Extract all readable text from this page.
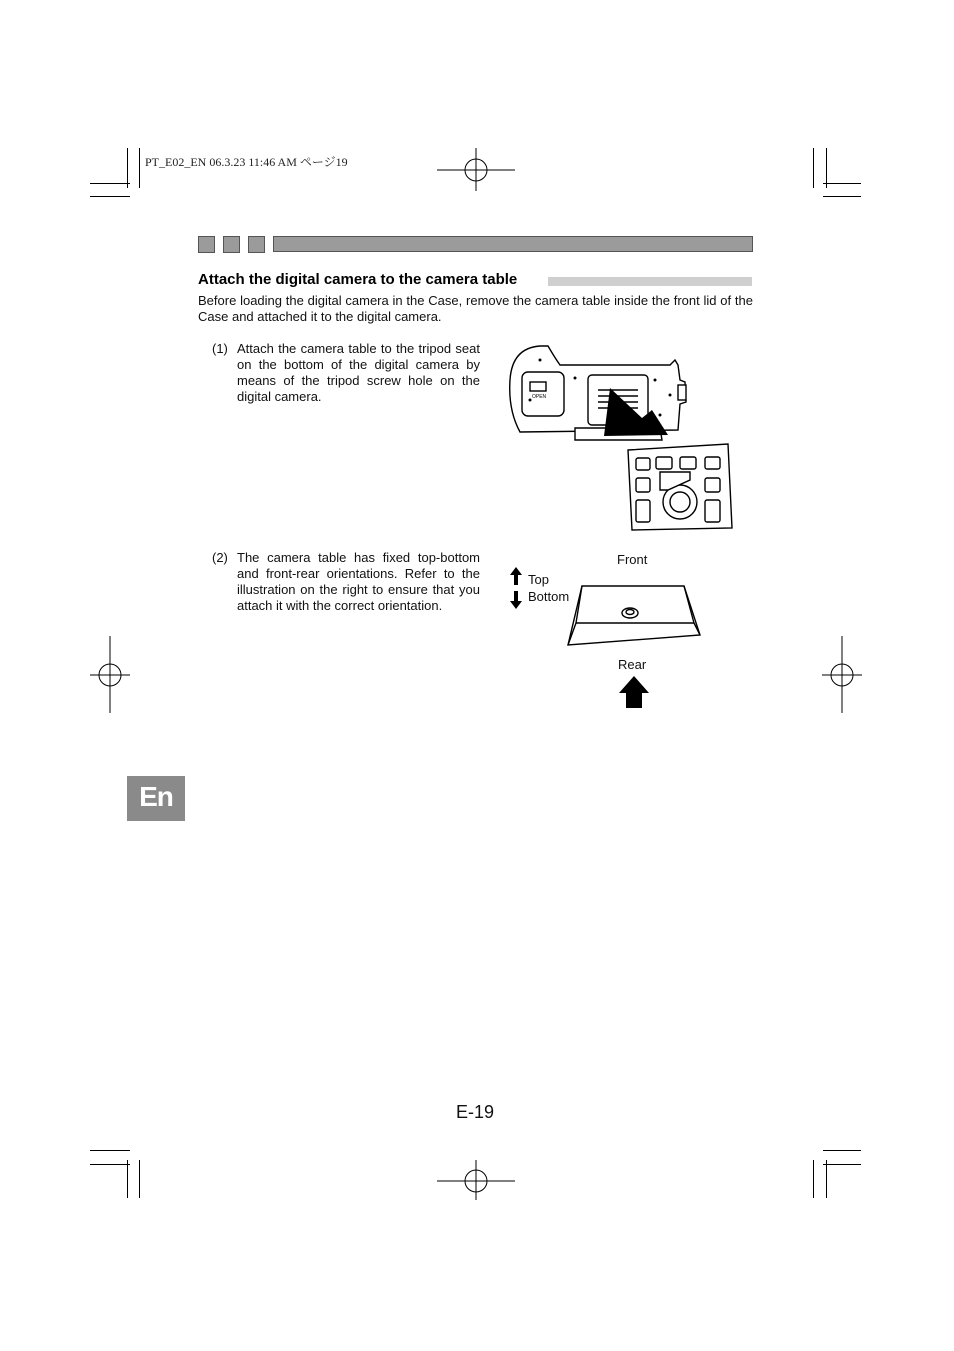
PT_E02_EN 06.3.23 11:46 AM ページ19
Attach the digital camera to the camera table
Before loading the digital camera in the Case, remove the camera table inside the front lid of the Case and attached it to the digital camera.
(1) Attach the camera table to the tripod seat on the bottom of the digital camera by means of the tripod screw hole on the digital camera.
(2) The camera table has fixed top-bottom and front-rear orientations. Refer to the illustration on the right to ensure that you attach it with the correct orientation.
OPEN
Front
Top
Bottom
Rear
En
E-19
